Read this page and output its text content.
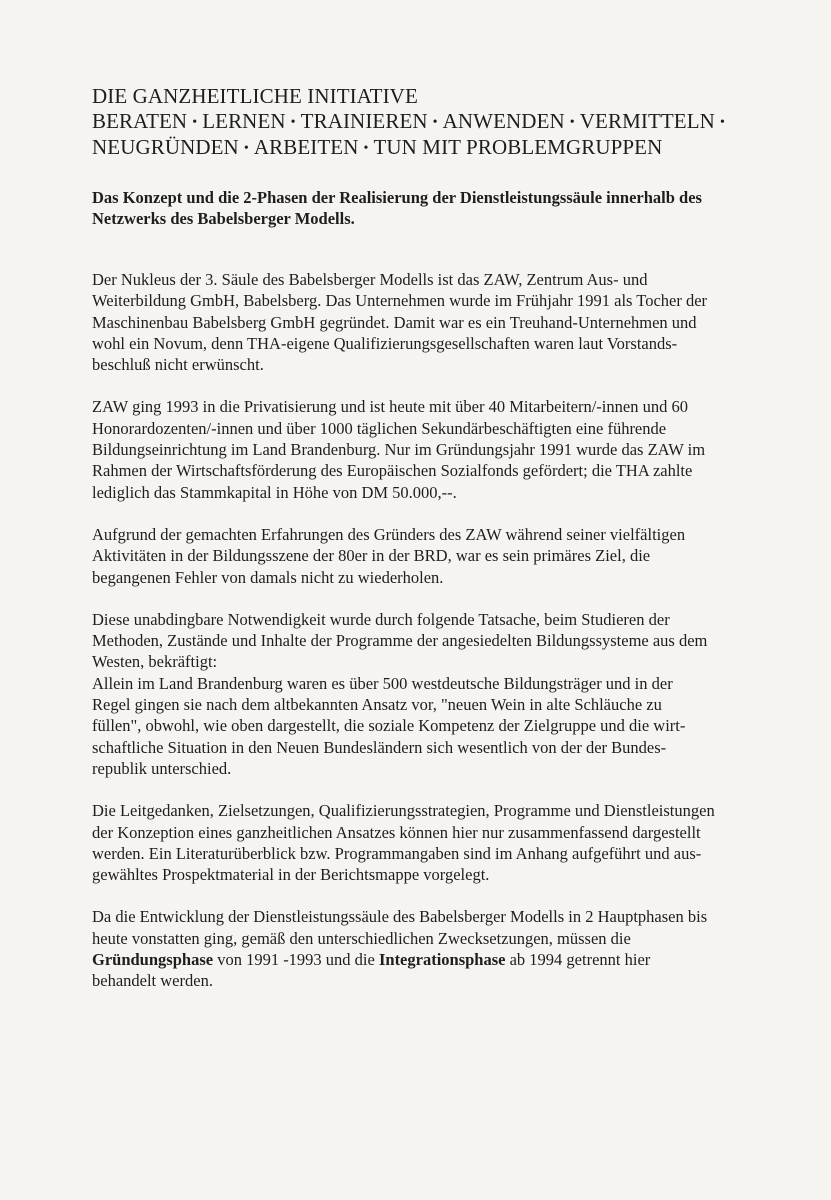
DIE GANZHEITLICHE INITIATIVE
BERATEN • LERNEN • TRAINIEREN • ANWENDEN • VERMITTELN •
NEUGRÜNDEN • ARBEITEN • TUN MIT PROBLEMGRUPPEN
Das Konzept und die 2-Phasen der Realisierung der Dienstleistungssäule innerhalb des
Netzwerks des Babelsberger Modells.
Der Nukleus der 3. Säule des Babelsberger Modells ist das ZAW, Zentrum Aus- und
Weiterbildung GmbH, Babelsberg. Das Unternehmen wurde im Frühjahr 1991 als Tocher der
Maschinenbau Babelsberg GmbH gegründet. Damit war es ein Treuhand-Unternehmen und
wohl ein Novum, denn THA-eigene Qualifizierungsgesellschaften waren laut Vorstands-
beschluß nicht erwünscht.
ZAW ging 1993 in die Privatisierung und ist heute mit über 40 Mitarbeitern/-innen und 60
Honorardozenten/-innen und über 1000 täglichen Sekundärbeschäftigten eine führende
Bildungseinrichtung im Land Brandenburg. Nur im Gründungsjahr 1991 wurde das ZAW im
Rahmen der Wirtschaftsförderung des Europäischen Sozialfonds gefördert; die THA zahlte
lediglich das Stammkapital in Höhe von DM 50.000,--.
Aufgrund der gemachten Erfahrungen des Gründers des ZAW während seiner vielfältigen
Aktivitäten in der Bildungsszene der 80er in der BRD, war es sein primäres Ziel, die
begangenen Fehler von damals nicht zu wiederholen.
Diese unabdingbare Notwendigkeit wurde durch folgende Tatsache, beim Studieren der
Methoden, Zustände und Inhalte der Programme der angesiedelten Bildungssysteme aus dem
Westen, bekräftigt:
Allein im Land Brandenburg waren es über 500 westdeutsche Bildungsträger und in der
Regel gingen sie nach dem altbekannten Ansatz vor, "neuen Wein in alte Schläuche zu
füllen", obwohl, wie oben dargestellt, die soziale Kompetenz der Zielgruppe und die wirt-
schaftliche Situation in den Neuen Bundesländern sich wesentlich von der der Bundes-
republik unterschied.
Die Leitgedanken, Zielsetzungen, Qualifizierungsstrategien, Programme und Dienstleistungen
der Konzeption eines ganzheitlichen Ansatzes können hier nur zusammenfassend dargestellt
werden. Ein Literaturüberblick bzw. Programmangaben sind im Anhang aufgeführt und aus-
gewähltes Prospektmaterial in der Berichtsmappe vorgelegt.
Da die Entwicklung der Dienstleistungssäule des Babelsberger Modells in 2 Hauptphasen bis
heute vonstatten ging, gemäß den unterschiedlichen Zwecksetzungen, müssen die
Gründungsphase von 1991 -1993 und die Integrationsphase ab 1994 getrennt hier
behandelt werden.
